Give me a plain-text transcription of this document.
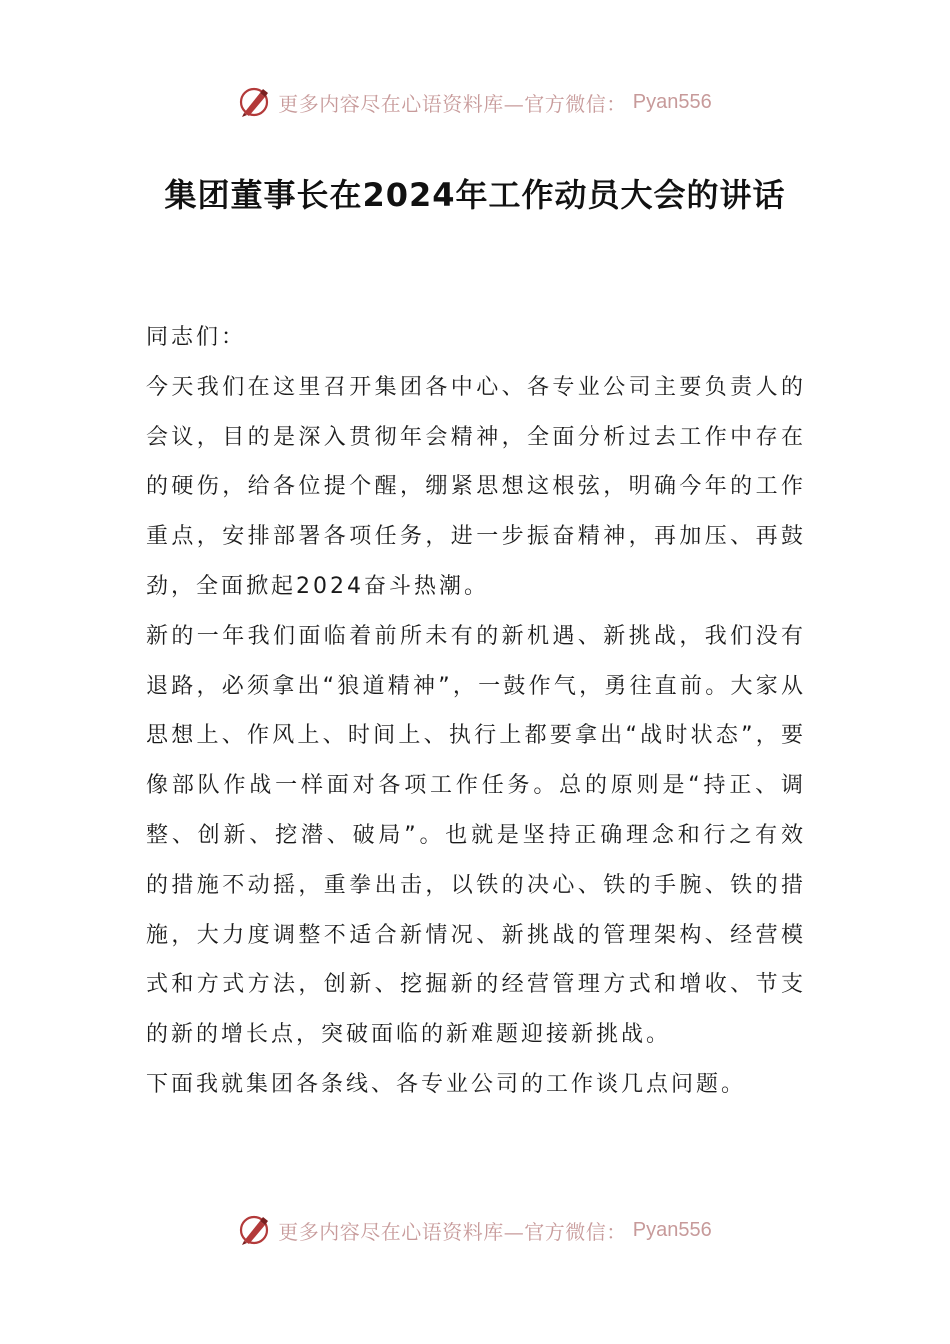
更多内容尽在心语资料库—官方微信： Pyan556
集团董事长在2024年工作动员大会的讲话

同志们：

今天我们在这里召开集团各中心、各专业公司主要负责人的会议，目的是深入贯彻年会精神，全面分析过去工作中存在的硬伤，给各位提个醒，绷紧思想这根弦，明确今年的工作重点，安排部署各项任务，进一步振奋精神，再加压、再鼓劲，全面掀起2024奋斗热潮。

新的一年我们面临着前所未有的新机遇、新挑战，我们没有退路，必须拿出“狼道精神”，一鼓作气，勇往直前。大家从思想上、作风上、时间上、执行上都要拿出“战时状态”，要像部队作战一样面对各项工作任务。总的原则是“持正、调整、创新、挖潜、破局”。也就是坚持正确理念和行之有效的措施不动摇，重拳出击，以铁的决心、铁的手腕、铁的措施，大力度调整不适合新情况、新挑战的管理架构、经营模式和方式方法，创新、挖掘新的经营管理方式和增收、节支的新的增长点，突破面临的新难题迎接新挑战。

下面我就集团各条线、各专业公司的工作谈几点问题。

更多内容尽在心语资料库—官方微信： Pyan556
